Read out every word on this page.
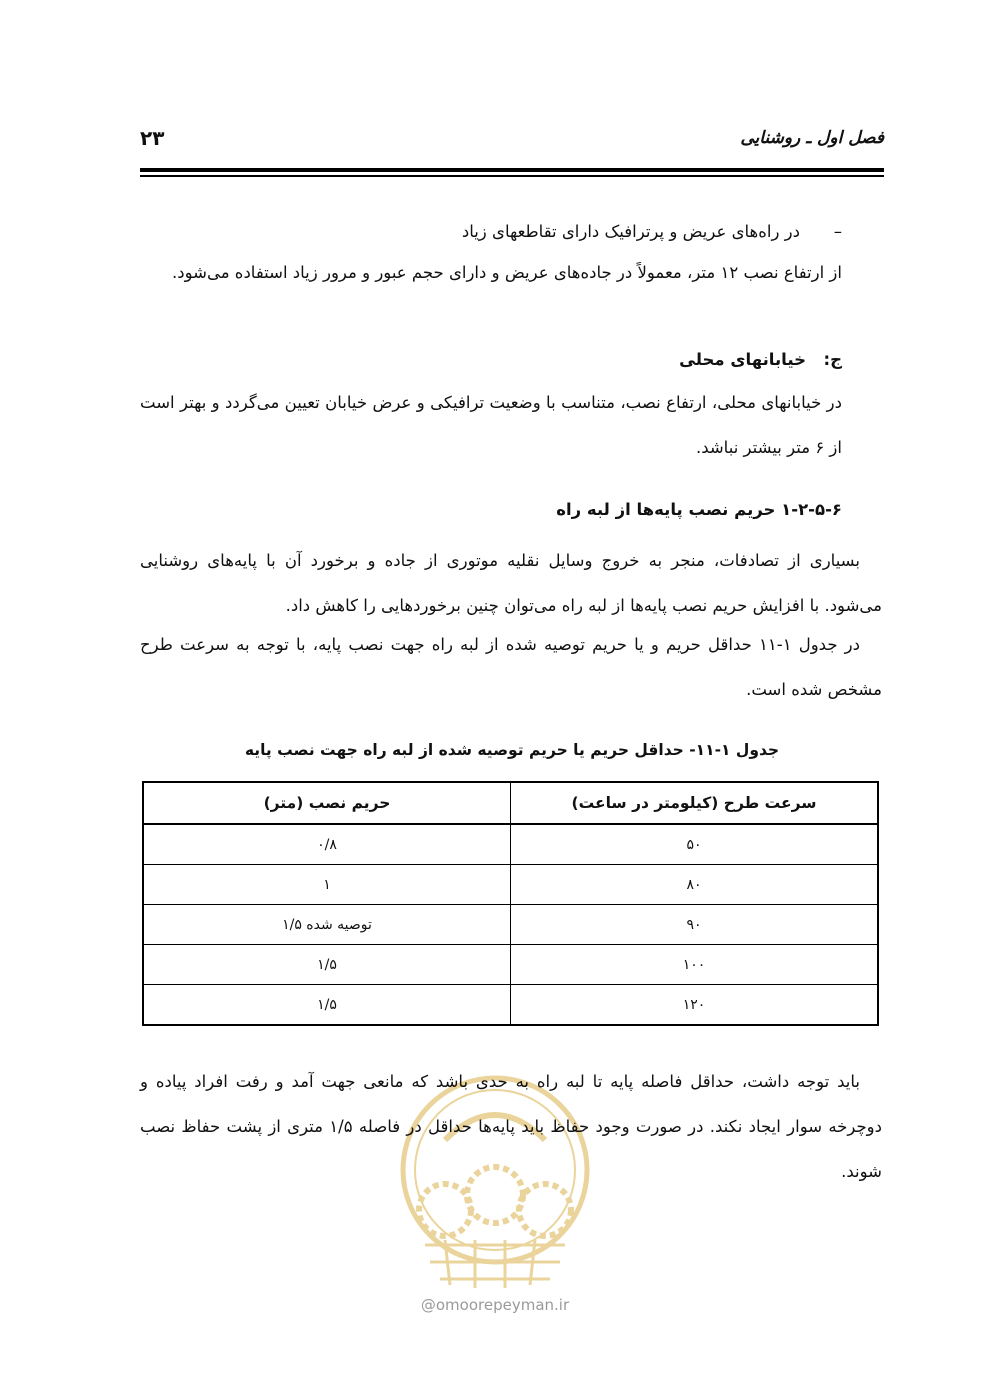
فصل اول ـ روشنایی
۲۳
–در راه‌های عریض و پرترافیک دارای تقاطعهای زیاد
از ارتفاع نصب ۱۲ متر، معمولاً در جاده‌های عریض و دارای حجم عبور و مرور زیاد استفاده می‌شود.
ج:خیابانهای محلی
در خیابانهای محلی، ارتفاع نصب، متناسب با وضعیت ترافیکی و عرض خیابان تعیین می‌گردد و بهتر است از ۶ متر بیشتر نباشد.
۱-۲-۵-۶ حریم نصب پایه‌ها از لبه راه
بسیاری از تصادفات، منجر به خروج وسایل نقلیه موتوری از جاده و برخورد آن با پایه‌های روشنایی می‌شود. با افزایش حریم نصب پایه‌ها از لبه راه می‌توان چنین برخوردهایی را کاهش داد.
در جدول ۱-۱۱ حداقل حریم و یا حریم توصیه شده از لبه راه جهت نصب پایه، با توجه به سرعت طرح مشخص شده است.
جدول ۱-۱۱- حداقل حریم یا حریم توصیه شده از لبه راه جهت نصب پایه
سرعت طرح (کیلومتر در ساعت)	حریم نصب (متر)
۵۰	۰/۸
۸۰	۱
۹۰	توصیه شده ۱/۵
۱۰۰	۱/۵
۱۲۰	۱/۵
@omoorepeyman.ir
باید توجه داشت، حداقل فاصله پایه تا لبه راه به حدی باشد که مانعی جهت آمد و رفت افراد پیاده و دوچرخه سوار ایجاد نکند. در صورت وجود حفاظ باید پایه‌ها حداقل در فاصله ۱/۵ متری از پشت حفاظ نصب شوند.
